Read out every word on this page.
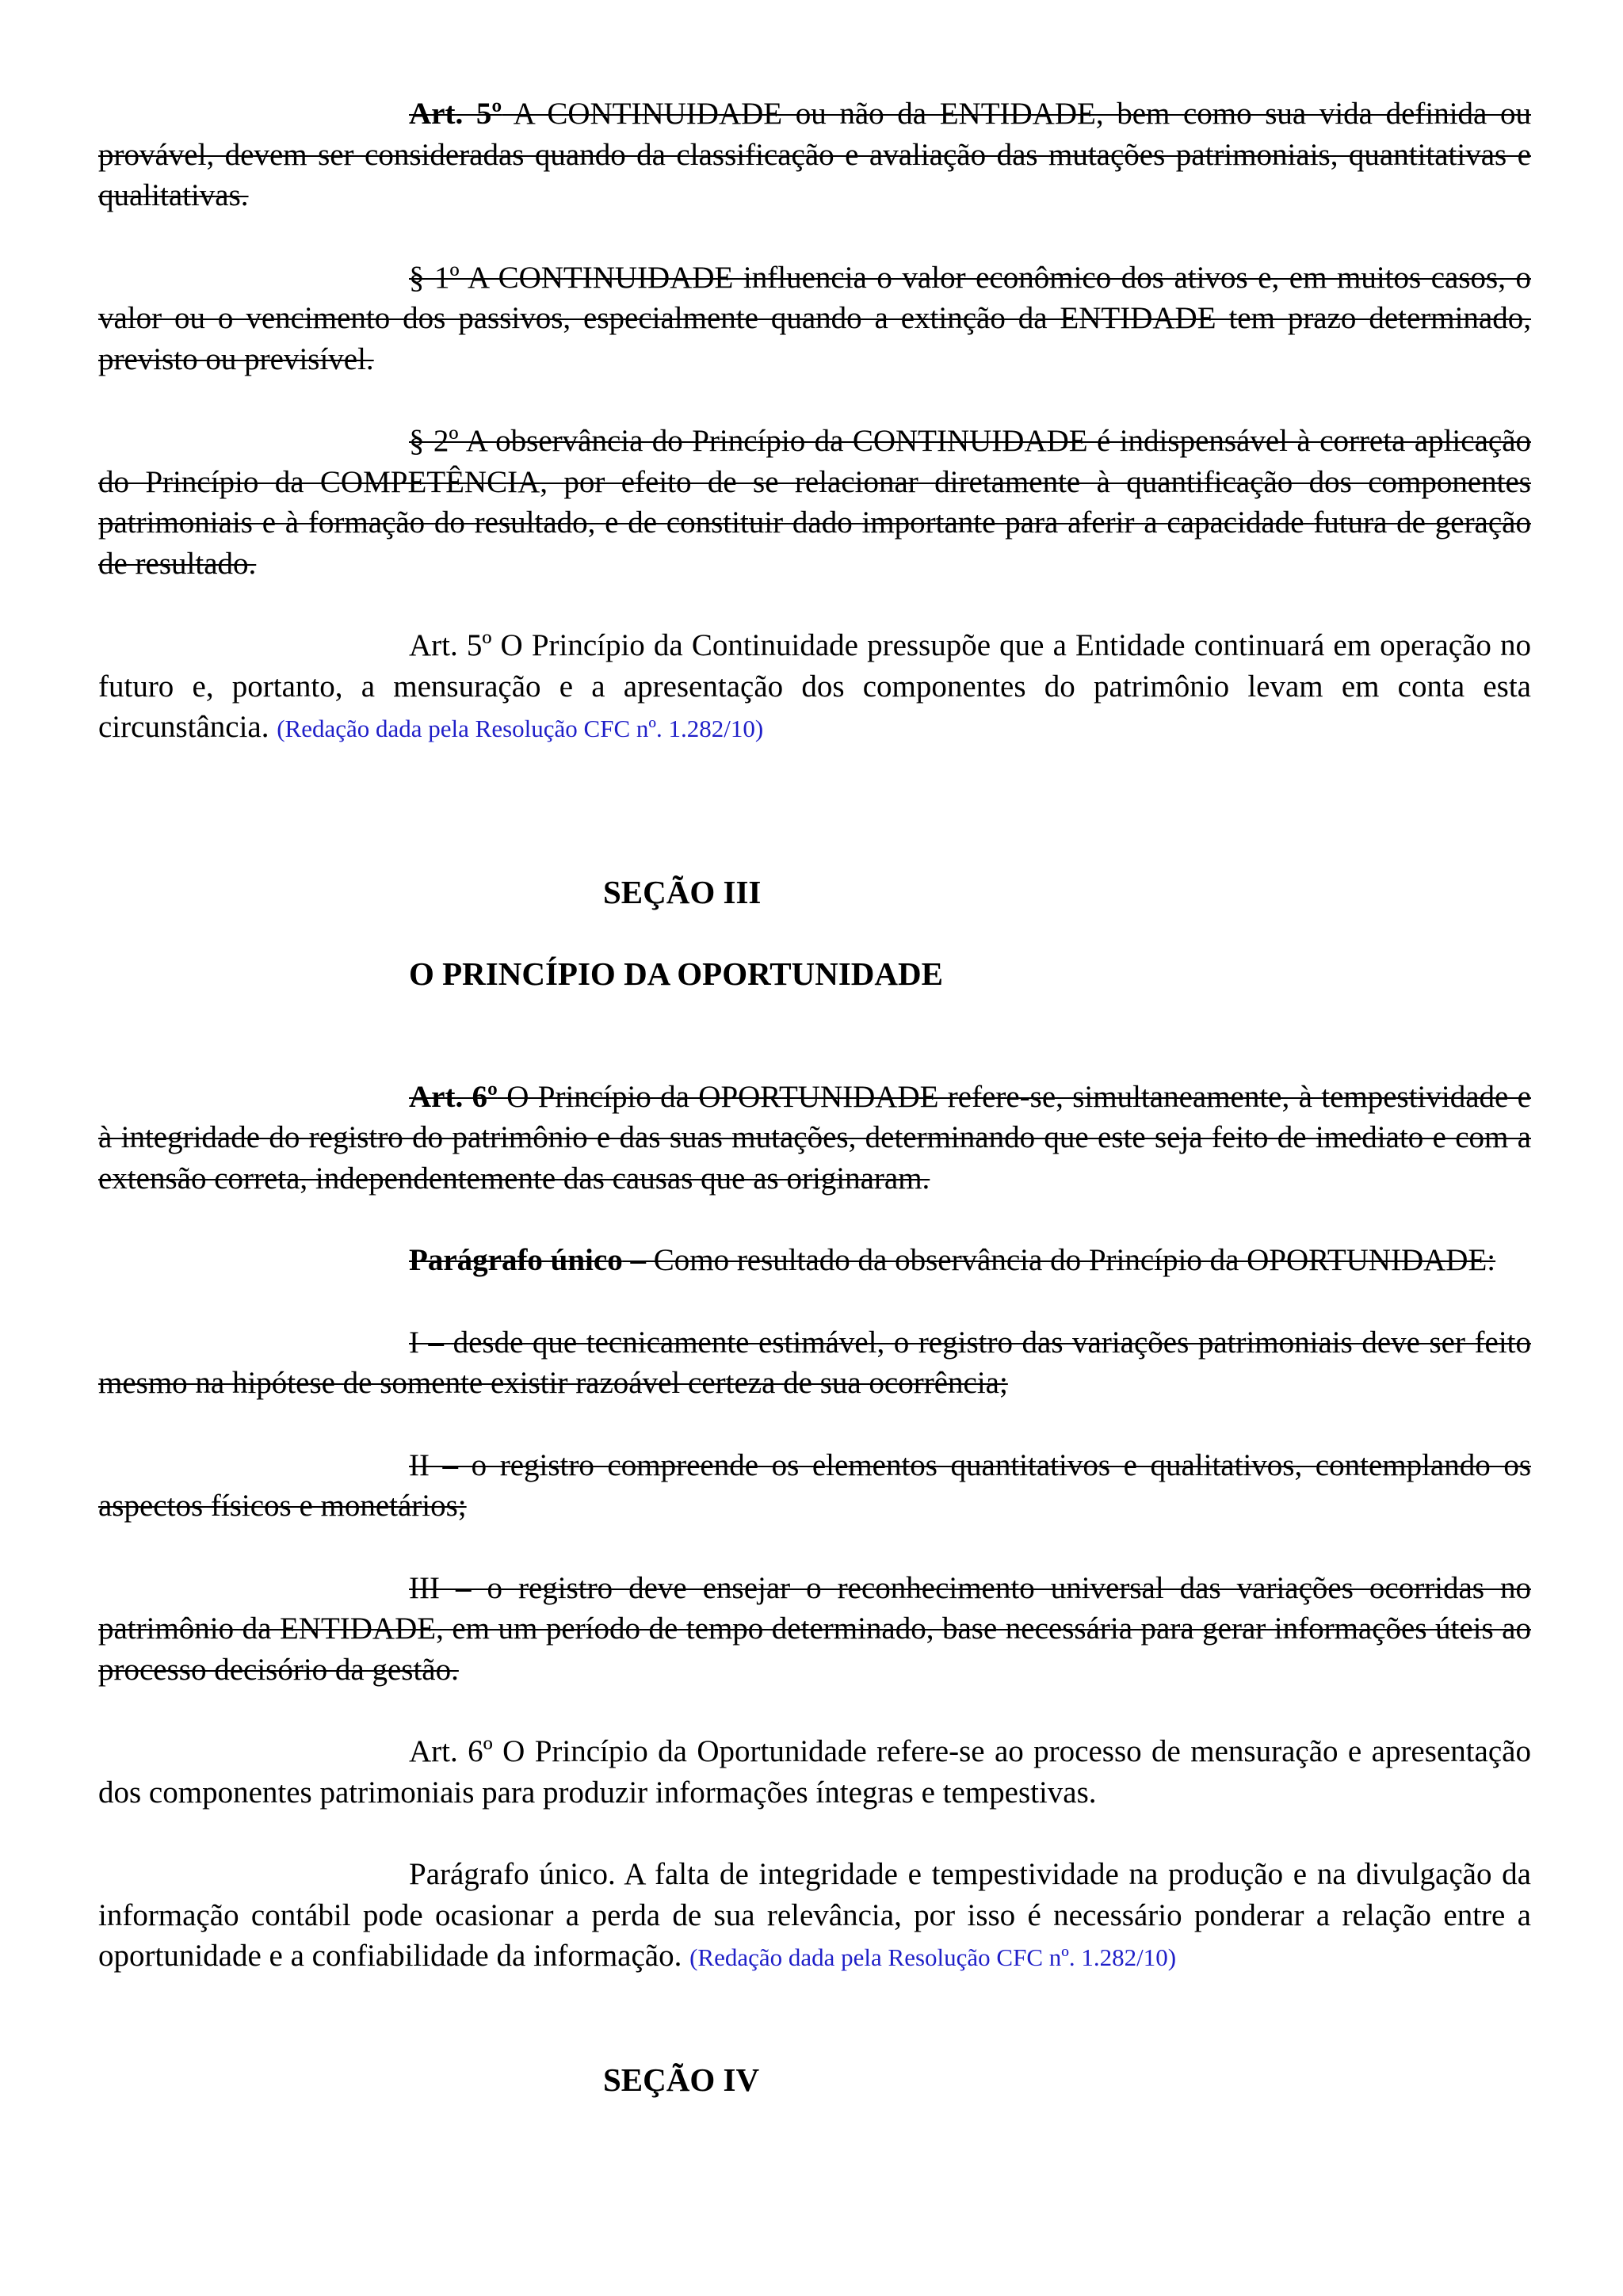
Art. 5º A CONTINUIDADE ou não da ENTIDADE, bem como sua vida definida ou provável, devem ser consideradas quando da classificação e avaliação das mutações patrimoniais, quantitativas e qualitativas.

§ 1º A CONTINUIDADE influencia o valor econômico dos ativos e, em muitos casos, o valor ou o vencimento dos passivos, especialmente quando a extinção da ENTIDADE tem prazo determinado, previsto ou previsível.

§ 2º A observância do Princípio da CONTINUIDADE é indispensável à correta aplicação do Princípio da COMPETÊNCIA, por efeito de se relacionar diretamente à quantificação dos componentes patrimoniais e à formação do resultado, e de constituir dado importante para aferir a capacidade futura de geração de resultado.

Art. 5º O Princípio da Continuidade pressupõe que a Entidade continuará em operação no futuro e, portanto, a mensuração e a apresentação dos componentes do patrimônio levam em conta esta circunstância. (Redação dada pela Resolução CFC nº. 1.282/10)

SEÇÃO III

O PRINCÍPIO DA OPORTUNIDADE

Art. 6º O Princípio da OPORTUNIDADE refere-se, simultaneamente, à tempestividade e à integridade do registro do patrimônio e das suas mutações, determinando que este seja feito de imediato e com a extensão correta, independentemente das causas que as originaram.

Parágrafo único – Como resultado da observância do Princípio da OPORTUNIDADE:

I – desde que tecnicamente estimável, o registro das variações patrimoniais deve ser feito mesmo na hipótese de somente existir razoável certeza de sua ocorrência;

II – o registro compreende os elementos quantitativos e qualitativos, contemplando os aspectos físicos e monetários;

III – o registro deve ensejar o reconhecimento universal das variações ocorridas no patrimônio da ENTIDADE, em um período de tempo determinado, base necessária para gerar informações úteis ao processo decisório da gestão.

Art. 6º O Princípio da Oportunidade refere-se ao processo de mensuração e apresentação dos componentes patrimoniais para produzir informações íntegras e tempestivas.

Parágrafo único. A falta de integridade e tempestividade na produção e na divulgação da informação contábil pode ocasionar a perda de sua relevância, por isso é necessário ponderar a relação entre a oportunidade e a confiabilidade da informação. (Redação dada pela Resolução CFC nº. 1.282/10)

SEÇÃO IV
